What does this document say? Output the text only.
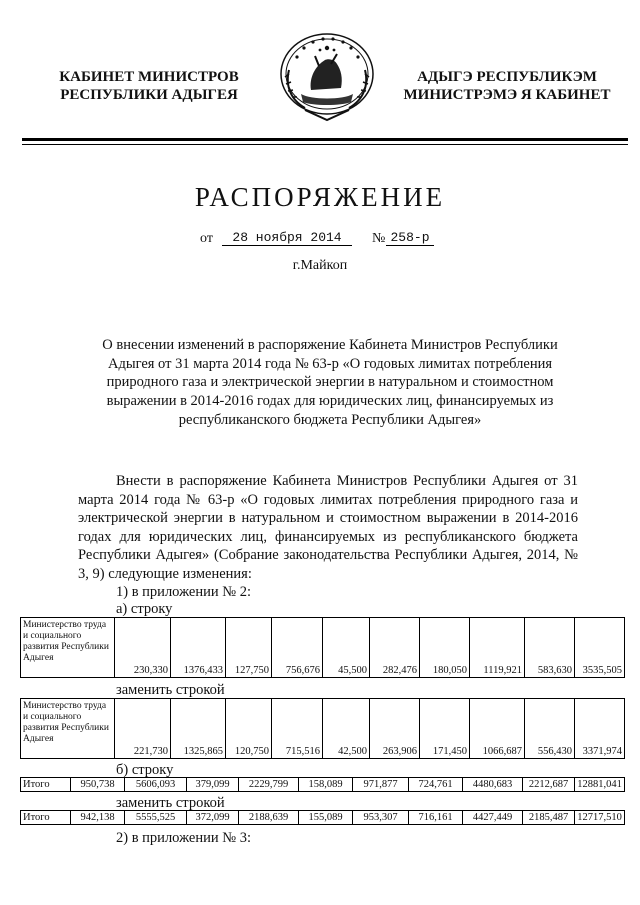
КАБИНЕТ МИНИСТРОВ
РЕСПУБЛИКИ АДЫГЕЯ
АДЫГЭ РЕСПУБЛИКЭМ
МИНИСТРЭМЭ Я КАБИНЕТ
РАСПОРЯЖЕНИЕ
от	28 ноября 2014	№ 258-р
г.Майкоп
О внесении изменений в распоряжение Кабинета Министров Республики Адыгея от 31 марта 2014 года № 63-р «О годовых лимитах потребления природного газа и электрической энергии в натуральном и стоимостном выражении в 2014-2016 годах для юридических лиц, финансируемых из республиканского бюджета Республики Адыгея»
Внести в распоряжение Кабинета Министров Республики Адыгея от 31 марта 2014 года № 63-р «О годовых лимитах потребления природного газа и электрической энергии в натуральном и стоимостном выражении в 2014-2016 годах для юридических лиц, финансируемых из республиканского бюджета Республики Адыгея» (Собрание законодательства Республики Адыгея, 2014, № 3, 9) следующие изменения:
1) в приложении № 2:
а) строку
Министерство труда и социального развития Республики Адыгея	230,330	1376,433	127,750	756,676	45,500	282,476	180,050	1119,921	583,630	3535,505
заменить строкой
Министерство труда и социального развития Республики Адыгея	221,730	1325,865	120,750	715,516	42,500	263,906	171,450	1066,687	556,430	3371,974
б) строку
Итого	950,738	5606,093	379,099	2229,799	158,089	971,877	724,761	4480,683	2212,687	12881,041
заменить строкой
Итого	942,138	5555,525	372,099	2188,639	155,089	953,307	716,161	4427,449	2185,487	12717,510
2) в приложении № 3:
